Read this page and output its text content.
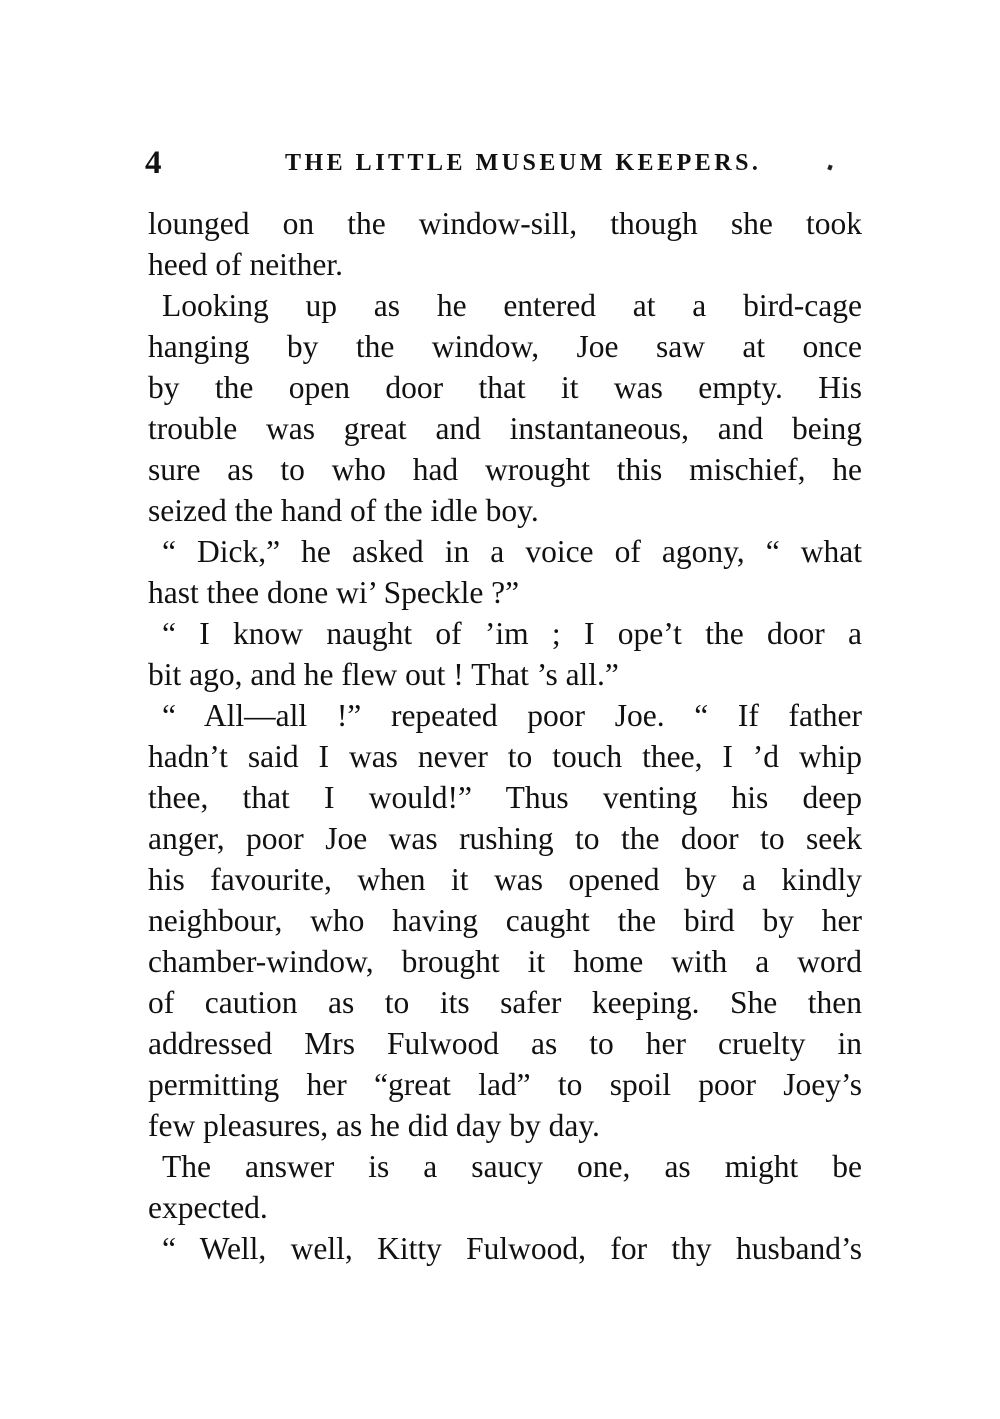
4	THE LITTLE MUSEUM KEEPERS.
lounged on the window-sill, though she took
heed of neither.
Looking up as he entered at a bird-cage
hanging by the window, Joe saw at once
by the open door that it was empty. His
trouble was great and instantaneous, and being
sure as to who had wrought this mischief, he
seized the hand of the idle boy.
“ Dick,” he asked in a voice of agony, “ what
hast thee done wi’ Speckle ?”
“ I know naught of ’im ; I ope’t the door a
bit ago, and he flew out ! That ’s all.”
“ All—all !” repeated poor Joe. “ If father
hadn’t said I was never to touch thee, I ’d whip
thee, that I would!” Thus venting his deep
anger, poor Joe was rushing to the door to seek
his favourite, when it was opened by a kindly
neighbour, who having caught the bird by her
chamber-window, brought it home with a word
of caution as to its safer keeping. She then
addressed Mrs Fulwood as to her cruelty in
permitting her “great lad” to spoil poor Joey’s
few pleasures, as he did day by day.
The answer is a saucy one, as might be
expected.
“ Well, well, Kitty Fulwood, for thy husband’s
